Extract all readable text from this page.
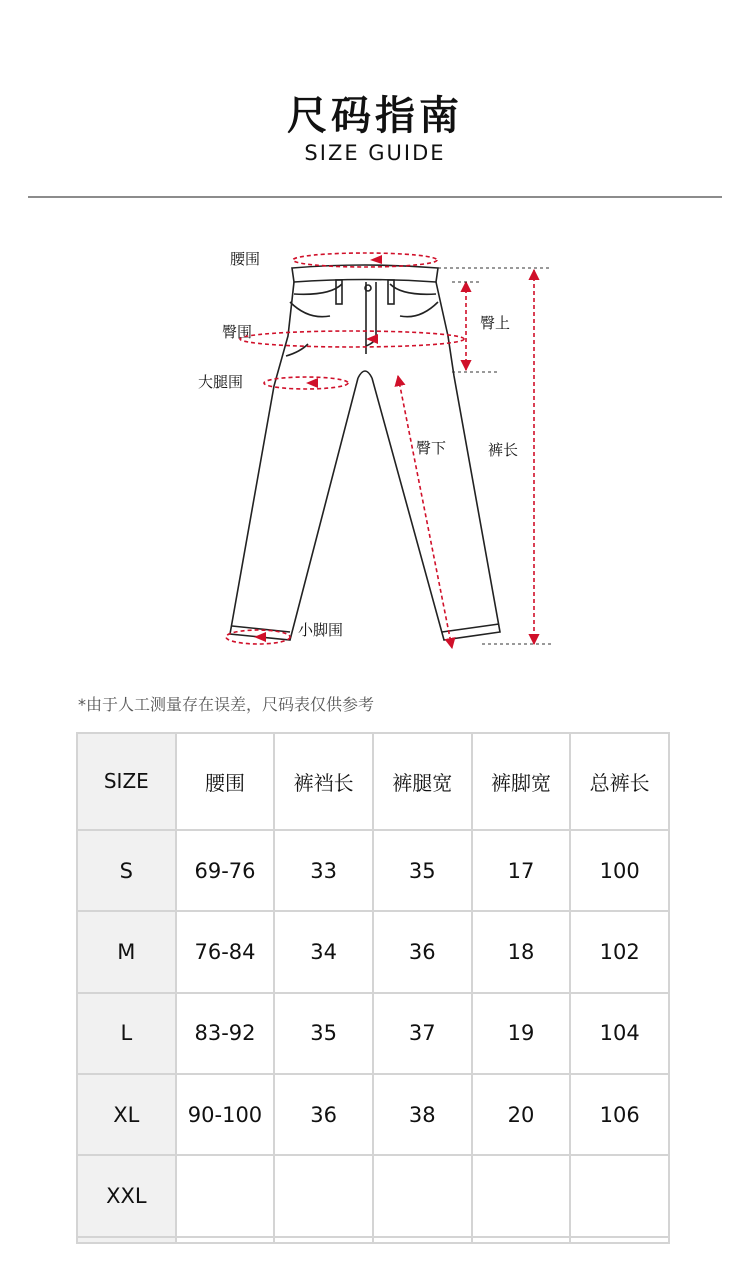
尺码指南
SIZE GUIDE
腰围
臀围
大腿围
臀上
臀下	裤长
小脚围
*由于人工测量存在误差，尺码表仅供参考
SIZE	腰围	裤裆长	裤腿宽	裤脚宽	总裤长
S	69-76	33	35	17	100
M	76-84	34	36	18	102
L	83-92	35	37	19	104
XL	90-100	36	38	20	106
XXL					
